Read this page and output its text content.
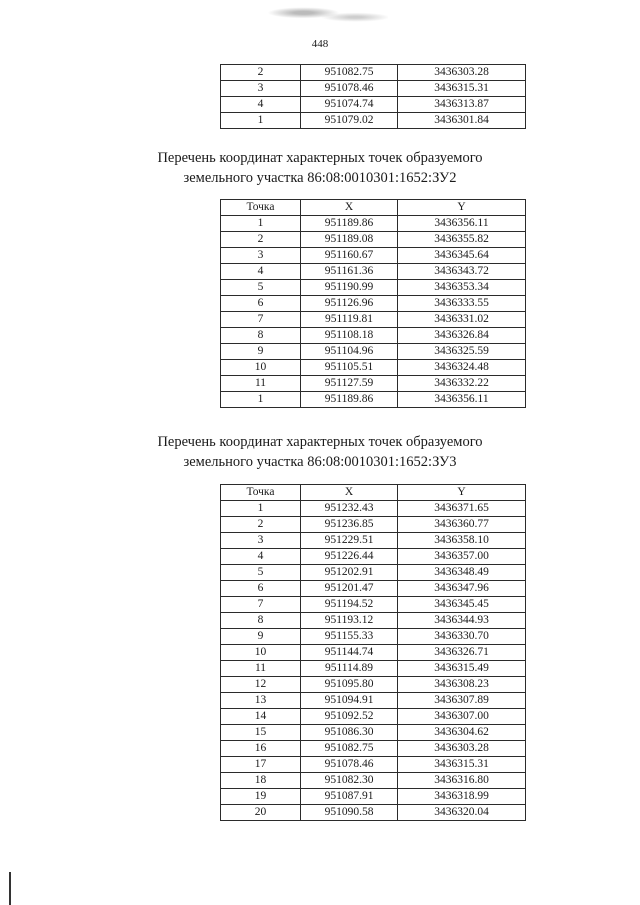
448
2	951082.75	3436303.28
3	951078.46	3436315.31
4	951074.74	3436313.87
1	951079.02	3436301.84
Перечень координат характерных точек образуемого
земельного участка 86:08:0010301:1652:ЗУ2
Точка	X	Y
1	951189.86	3436356.11
2	951189.08	3436355.82
3	951160.67	3436345.64
4	951161.36	3436343.72
5	951190.99	3436353.34
6	951126.96	3436333.55
7	951119.81	3436331.02
8	951108.18	3436326.84
9	951104.96	3436325.59
10	951105.51	3436324.48
11	951127.59	3436332.22
1	951189.86	3436356.11
Перечень координат характерных точек образуемого
земельного участка 86:08:0010301:1652:ЗУ3
Точка	X	Y
1	951232.43	3436371.65
2	951236.85	3436360.77
3	951229.51	3436358.10
4	951226.44	3436357.00
5	951202.91	3436348.49
6	951201.47	3436347.96
7	951194.52	3436345.45
8	951193.12	3436344.93
9	951155.33	3436330.70
10	951144.74	3436326.71
11	951114.89	3436315.49
12	951095.80	3436308.23
13	951094.91	3436307.89
14	951092.52	3436307.00
15	951086.30	3436304.62
16	951082.75	3436303.28
17	951078.46	3436315.31
18	951082.30	3436316.80
19	951087.91	3436318.99
20	951090.58	3436320.04
